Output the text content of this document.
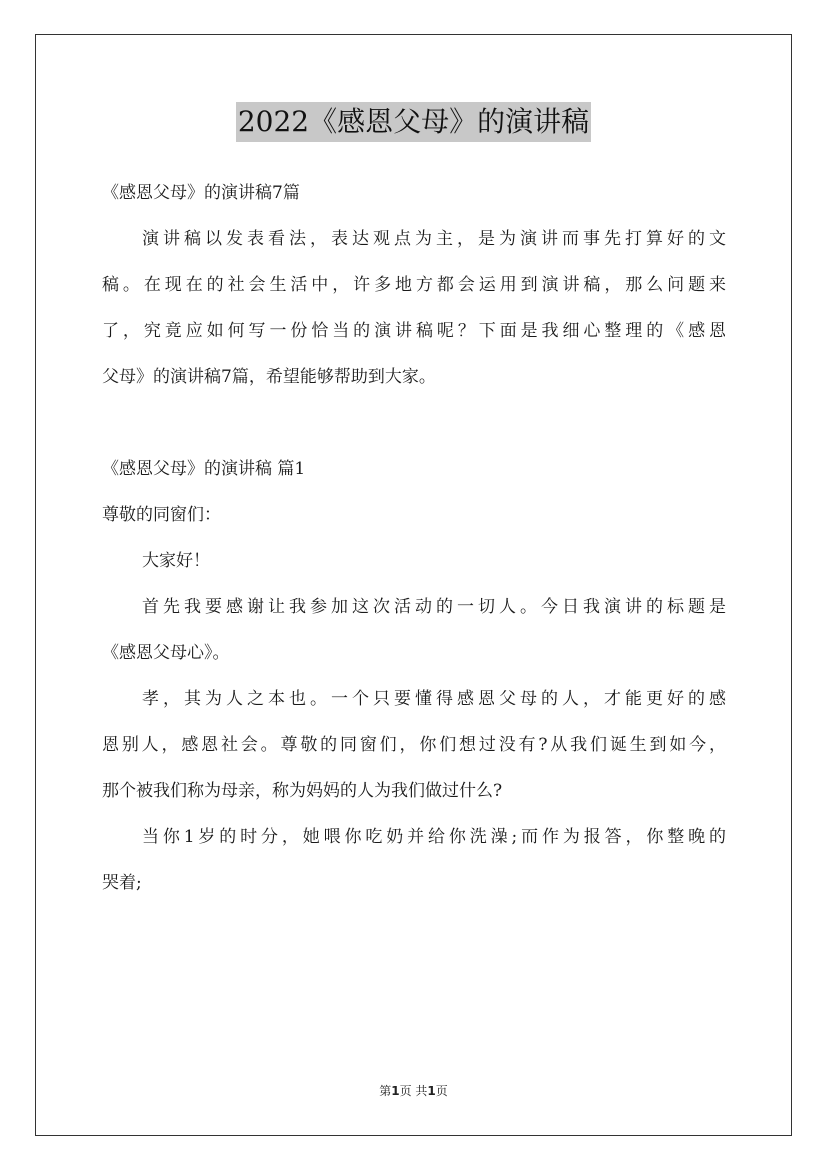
2022《感恩父母》的演讲稿
《感恩父母》的演讲稿7篇
演讲稿以发表看法，表达观点为主，是为演讲而事先打算好的文
稿。在现在的社会生活中，许多地方都会运用到演讲稿，那么问题来
了，究竟应如何写一份恰当的演讲稿呢？下面是我细心整理的《感恩
父母》的演讲稿7篇，希望能够帮助到大家。
《感恩父母》的演讲稿 篇1
尊敬的同窗们：
大家好！
首先我要感谢让我参加这次活动的一切人。今日我演讲的标题是
《感恩父母心》。
孝，其为人之本也。一个只要懂得感恩父母的人，才能更好的感
恩别人，感恩社会。尊敬的同窗们，你们想过没有?从我们诞生到如今，
那个被我们称为母亲，称为妈妈的人为我们做过什么?
当你1岁的时分，她喂你吃奶并给你洗澡;而作为报答，你整晚的
哭着;
第1页 共1页
